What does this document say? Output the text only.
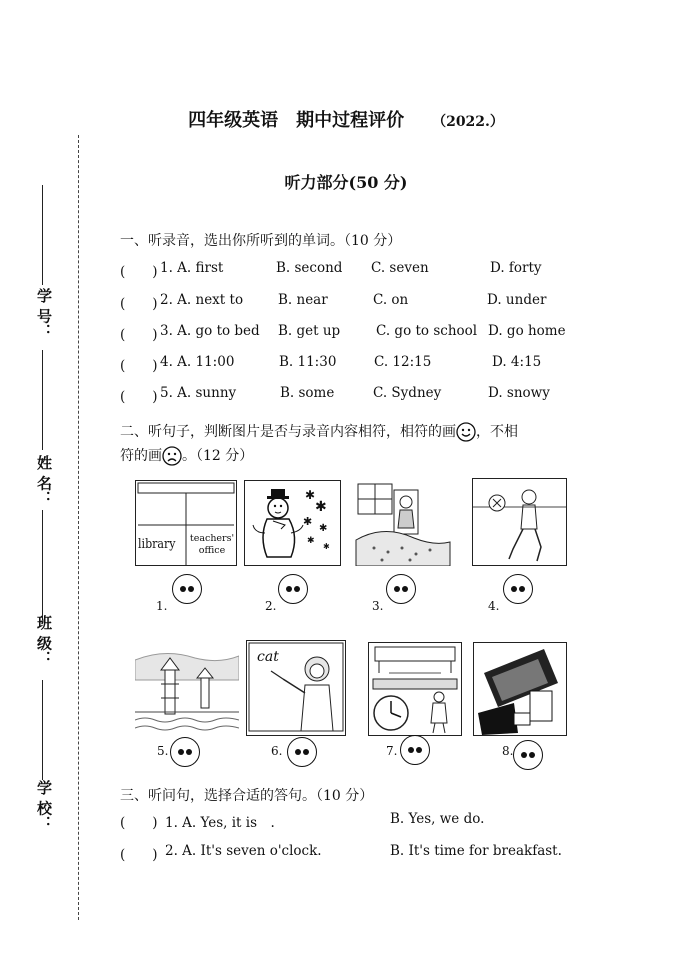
学 号：
姓 名：
班 级：
学 校：
四年级英语　期中过程评价 （2022.）
听力部分(50 分)
一、听录音，选出你所听到的单词。（10 分）
(　　) 1. A. first	B. second C. seven	D. forty
(　　) 2. A. next to	B. near	C. on	D. under
(　　) 3. A. go to bed B. get up	C. go to school D. go home
(　　) 4. A. 11:00	B. 11:30	C. 12:15	D. 4:15
(　　) 5. A. sunny	B. some	C. Sydney	D. snowy
二、听句子，判断图片是否与录音内容相符，相符的画 ，不相
符的画 。（12 分）
library teachers' office
✱
✱
✱
✱
✱
✱
cat
1.	2.	3.	4.
5.	6.	7.	8.
三、听问句，选择合适的答句。（10 分）
(　　) 1. A. Yes, it is　.	B. Yes, we do.
(　　) 2. A. It's seven o'clock.	B. It's time for breakfast.
